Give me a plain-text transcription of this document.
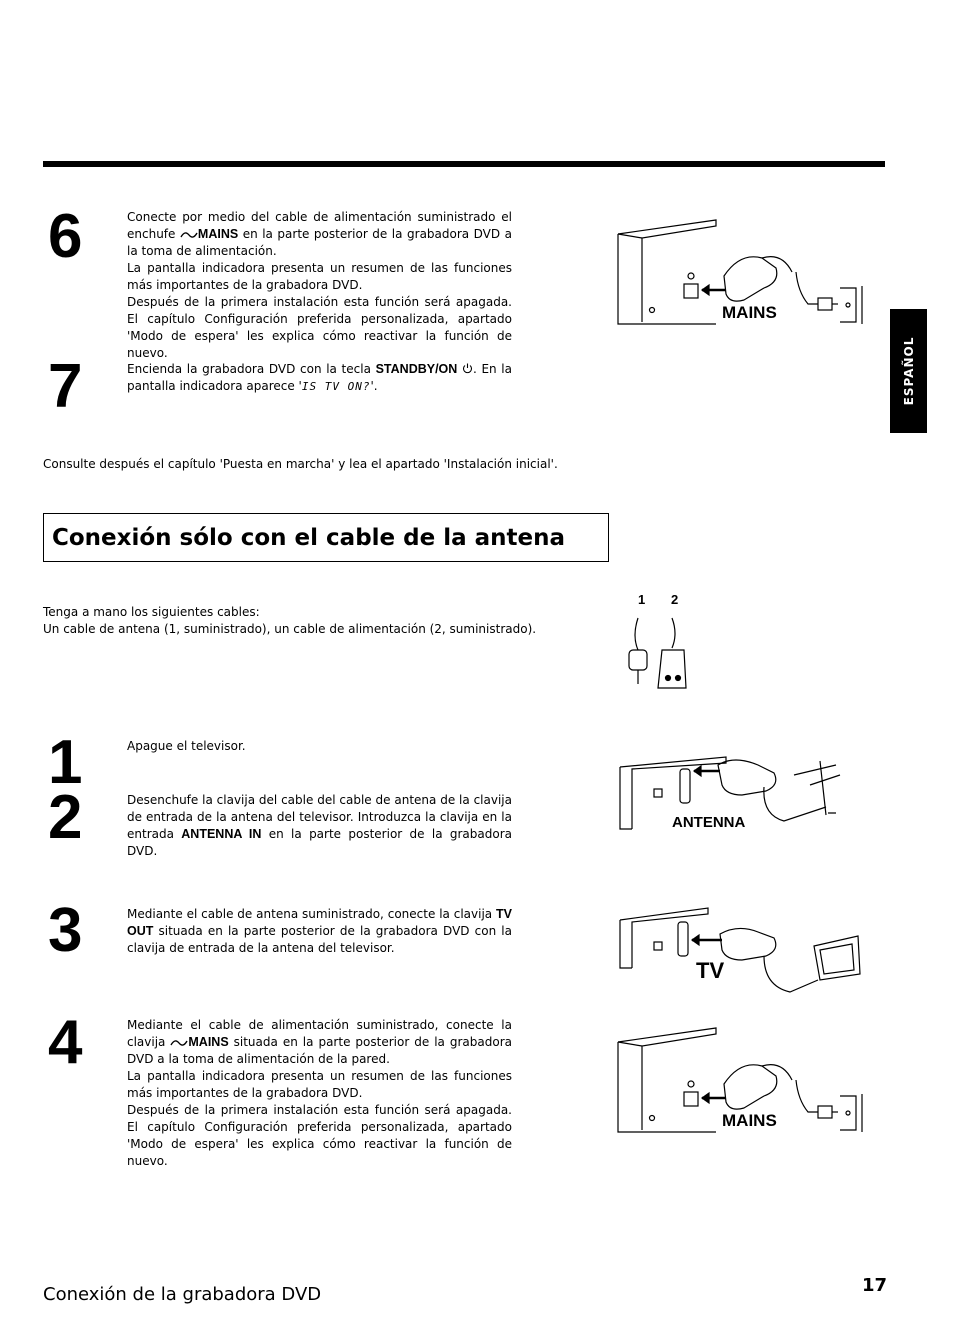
ESPAÑOL
6	Conecte por medio del cable de alimentación suministrado el enchufe MAINS en la parte posterior de la grabadora DVD a la toma de alimentación.

La pantalla indicadora presenta un resumen de las funciones más importantes de la grabadora DVD.

Después de la primera instalación esta función será apagada. El capítulo Configuración preferida personalizada, apartado 'Modo de espera' les explica cómo reactivar la función de nuevo.

7	Encienda la grabadora DVD con la tecla STANDBY/ON . En la pantalla indicadora aparece 'IS TV ON?'.

Consulte después el capítulo 'Puesta en marcha' y lea el apartado 'Instalación inicial'.
Conexión sólo con el cable de la antena

Tenga a mano los siguientes cables:

Un cable de antena (1, suministrado), un cable de alimentación (2, suministrado).

1	Apague el televisor.
2	Desenchufe la clavija del cable del cable de antena de la clavija de entrada de la antena del televisor. Introduzca la clavija en la entrada ANTENNA IN en la parte posterior de la grabadora DVD.

3	Mediante el cable de antena suministrado, conecte la clavija TV OUT situada en la parte posterior de la grabadora DVD con la clavija de entrada de la antena del televisor.

4	Mediante el cable de alimentación suministrado, conecte la clavija MAINS situada en la parte posterior de la grabadora DVD a la toma de alimentación de la pared.

La pantalla indicadora presenta un resumen de las funciones más importantes de la grabadora DVD.

Después de la primera instalación esta función será apagada. El capítulo Configuración preferida personalizada, apartado 'Modo de espera' les explica cómo reactivar la función de nuevo.

MAINS
1 2
ANTENNA
TV
MAINS
Conexión de la grabadora DVD	17
